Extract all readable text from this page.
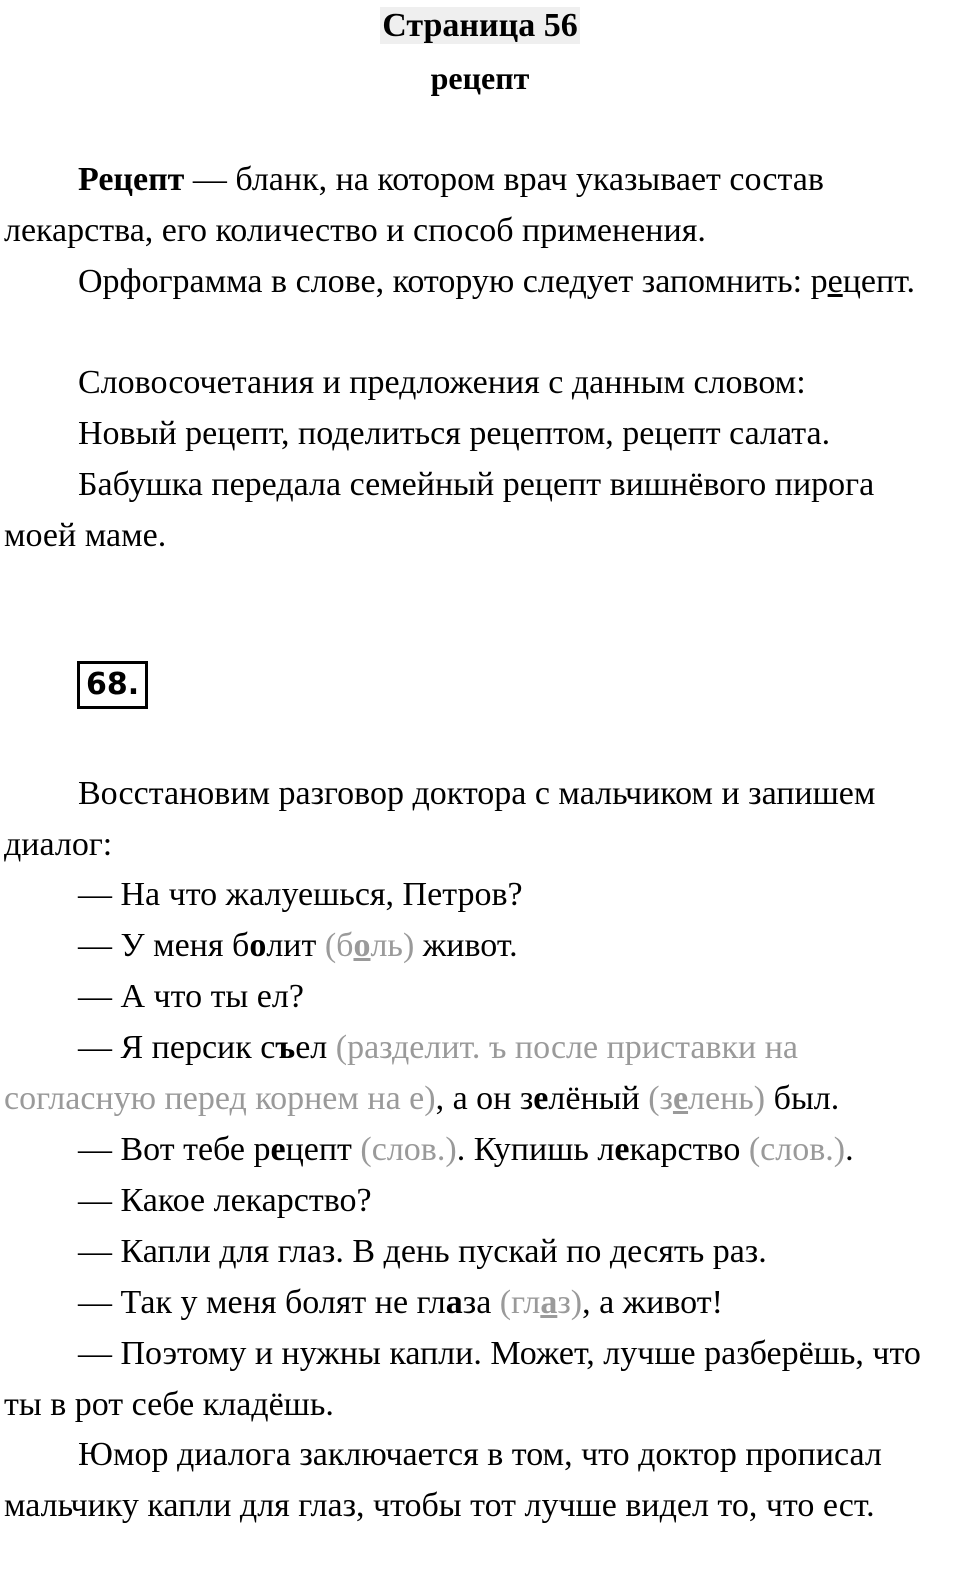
Страница 56
рецепт

Рецепт — бланк, на котором врач указывает состав лекарства, его количество и способ применения.

Орфограмма в слове, которую следует запомнить: рецепт.

Словосочетания и предложения с данным словом:

Новый рецепт, поделиться рецептом, рецепт салата.

Бабушка передала семейный рецепт вишнёвого пирога моей маме.

68.

Восстановим разговор доктора с мальчиком и запишем диалог:

— На что жалуешься, Петров?

— У меня болит (боль) живот.

— А что ты ел?

— Я персик съел (разделит. ъ после приставки на согласную перед корнем на е), а он зелёный (зелень) был.

— Вот тебе рецепт (слов.). Купишь лекарство (слов.).

— Какое лекарство?

— Капли для глаз. В день пускай по десять раз.

— Так у меня болят не глаза (глаз), а живот!

— Поэтому и нужны капли. Может, лучше разберёшь, что ты в рот себе кладёшь.

Юмор диалога заключается в том, что доктор прописал мальчику капли для глаз, чтобы тот лучше видел то, что ест.
